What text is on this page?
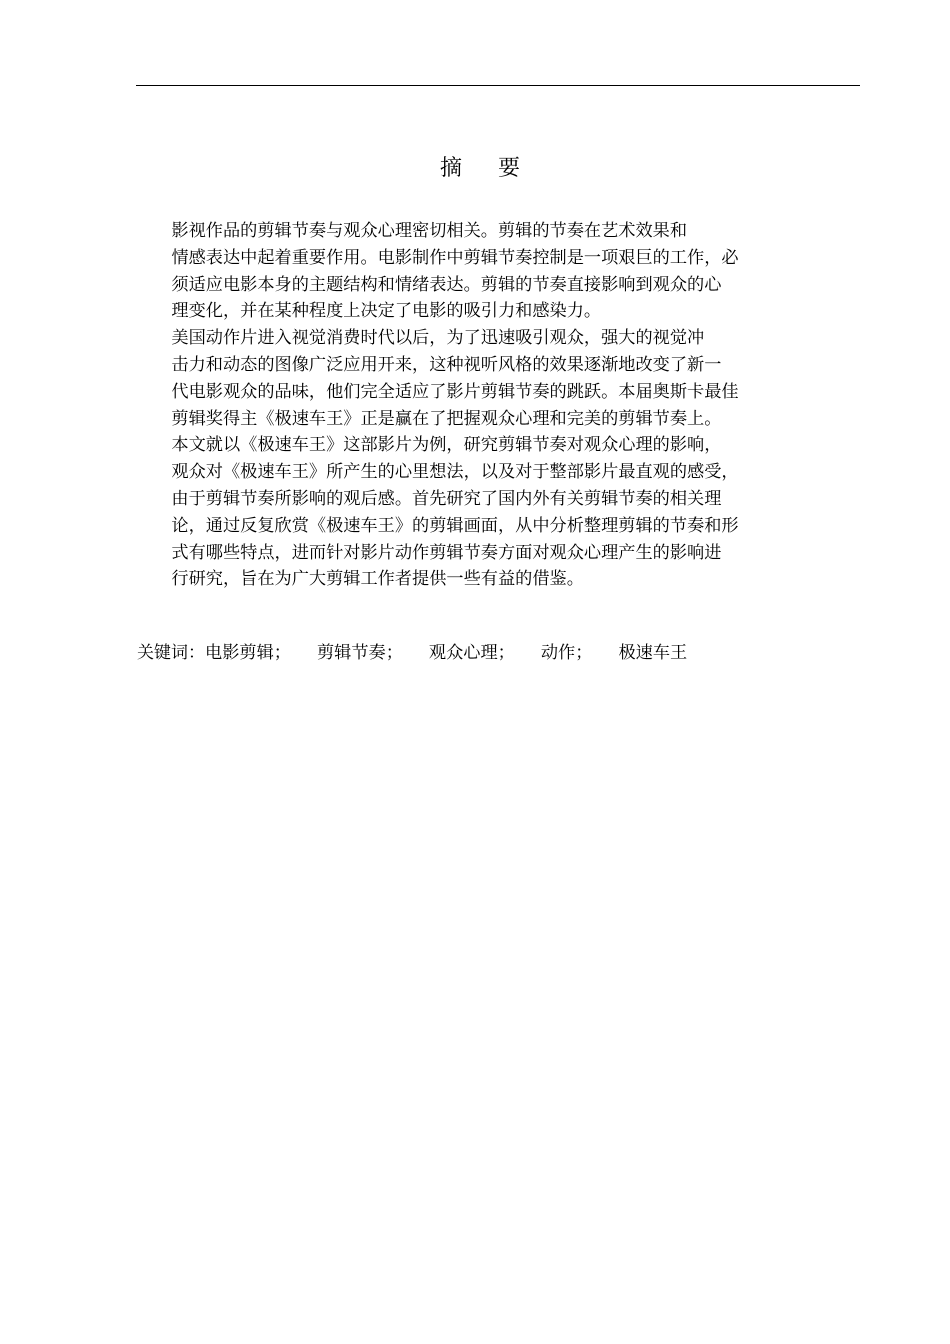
摘要

影视作品的剪辑节奏与观众心理密切相关。剪辑的节奏在艺术效果和
情感表达中起着重要作用。电影制作中剪辑节奏控制是一项艰巨的工作，必
须适应电影本身的主题结构和情绪表达。剪辑的节奏直接影响到观众的心
理变化，并在某种程度上决定了电影的吸引力和感染力。

美国动作片进入视觉消费时代以后，为了迅速吸引观众，强大的视觉冲
击力和动态的图像广泛应用开来，这种视听风格的效果逐渐地改变了新一
代电影观众的品味，他们完全适应了影片剪辑节奏的跳跃。本届奥斯卡最佳
剪辑奖得主《极速车王》正是赢在了把握观众心理和完美的剪辑节奏上。

本文就以《极速车王》这部影片为例，研究剪辑节奏对观众心理的影响，
观众对《极速车王》所产生的心里想法，以及对于整部影片最直观的感受，
由于剪辑节奏所影响的观后感。首先研究了国内外有关剪辑节奏的相关理
论，通过反复欣赏《极速车王》的剪辑画面，从中分析整理剪辑的节奏和形
式有哪些特点，进而针对影片动作剪辑节奏方面对观众心理产生的影响进
行研究，旨在为广大剪辑工作者提供一些有益的借鉴。

关键词：电影剪辑； 剪辑节奏； 观众心理； 动作； 极速车王
